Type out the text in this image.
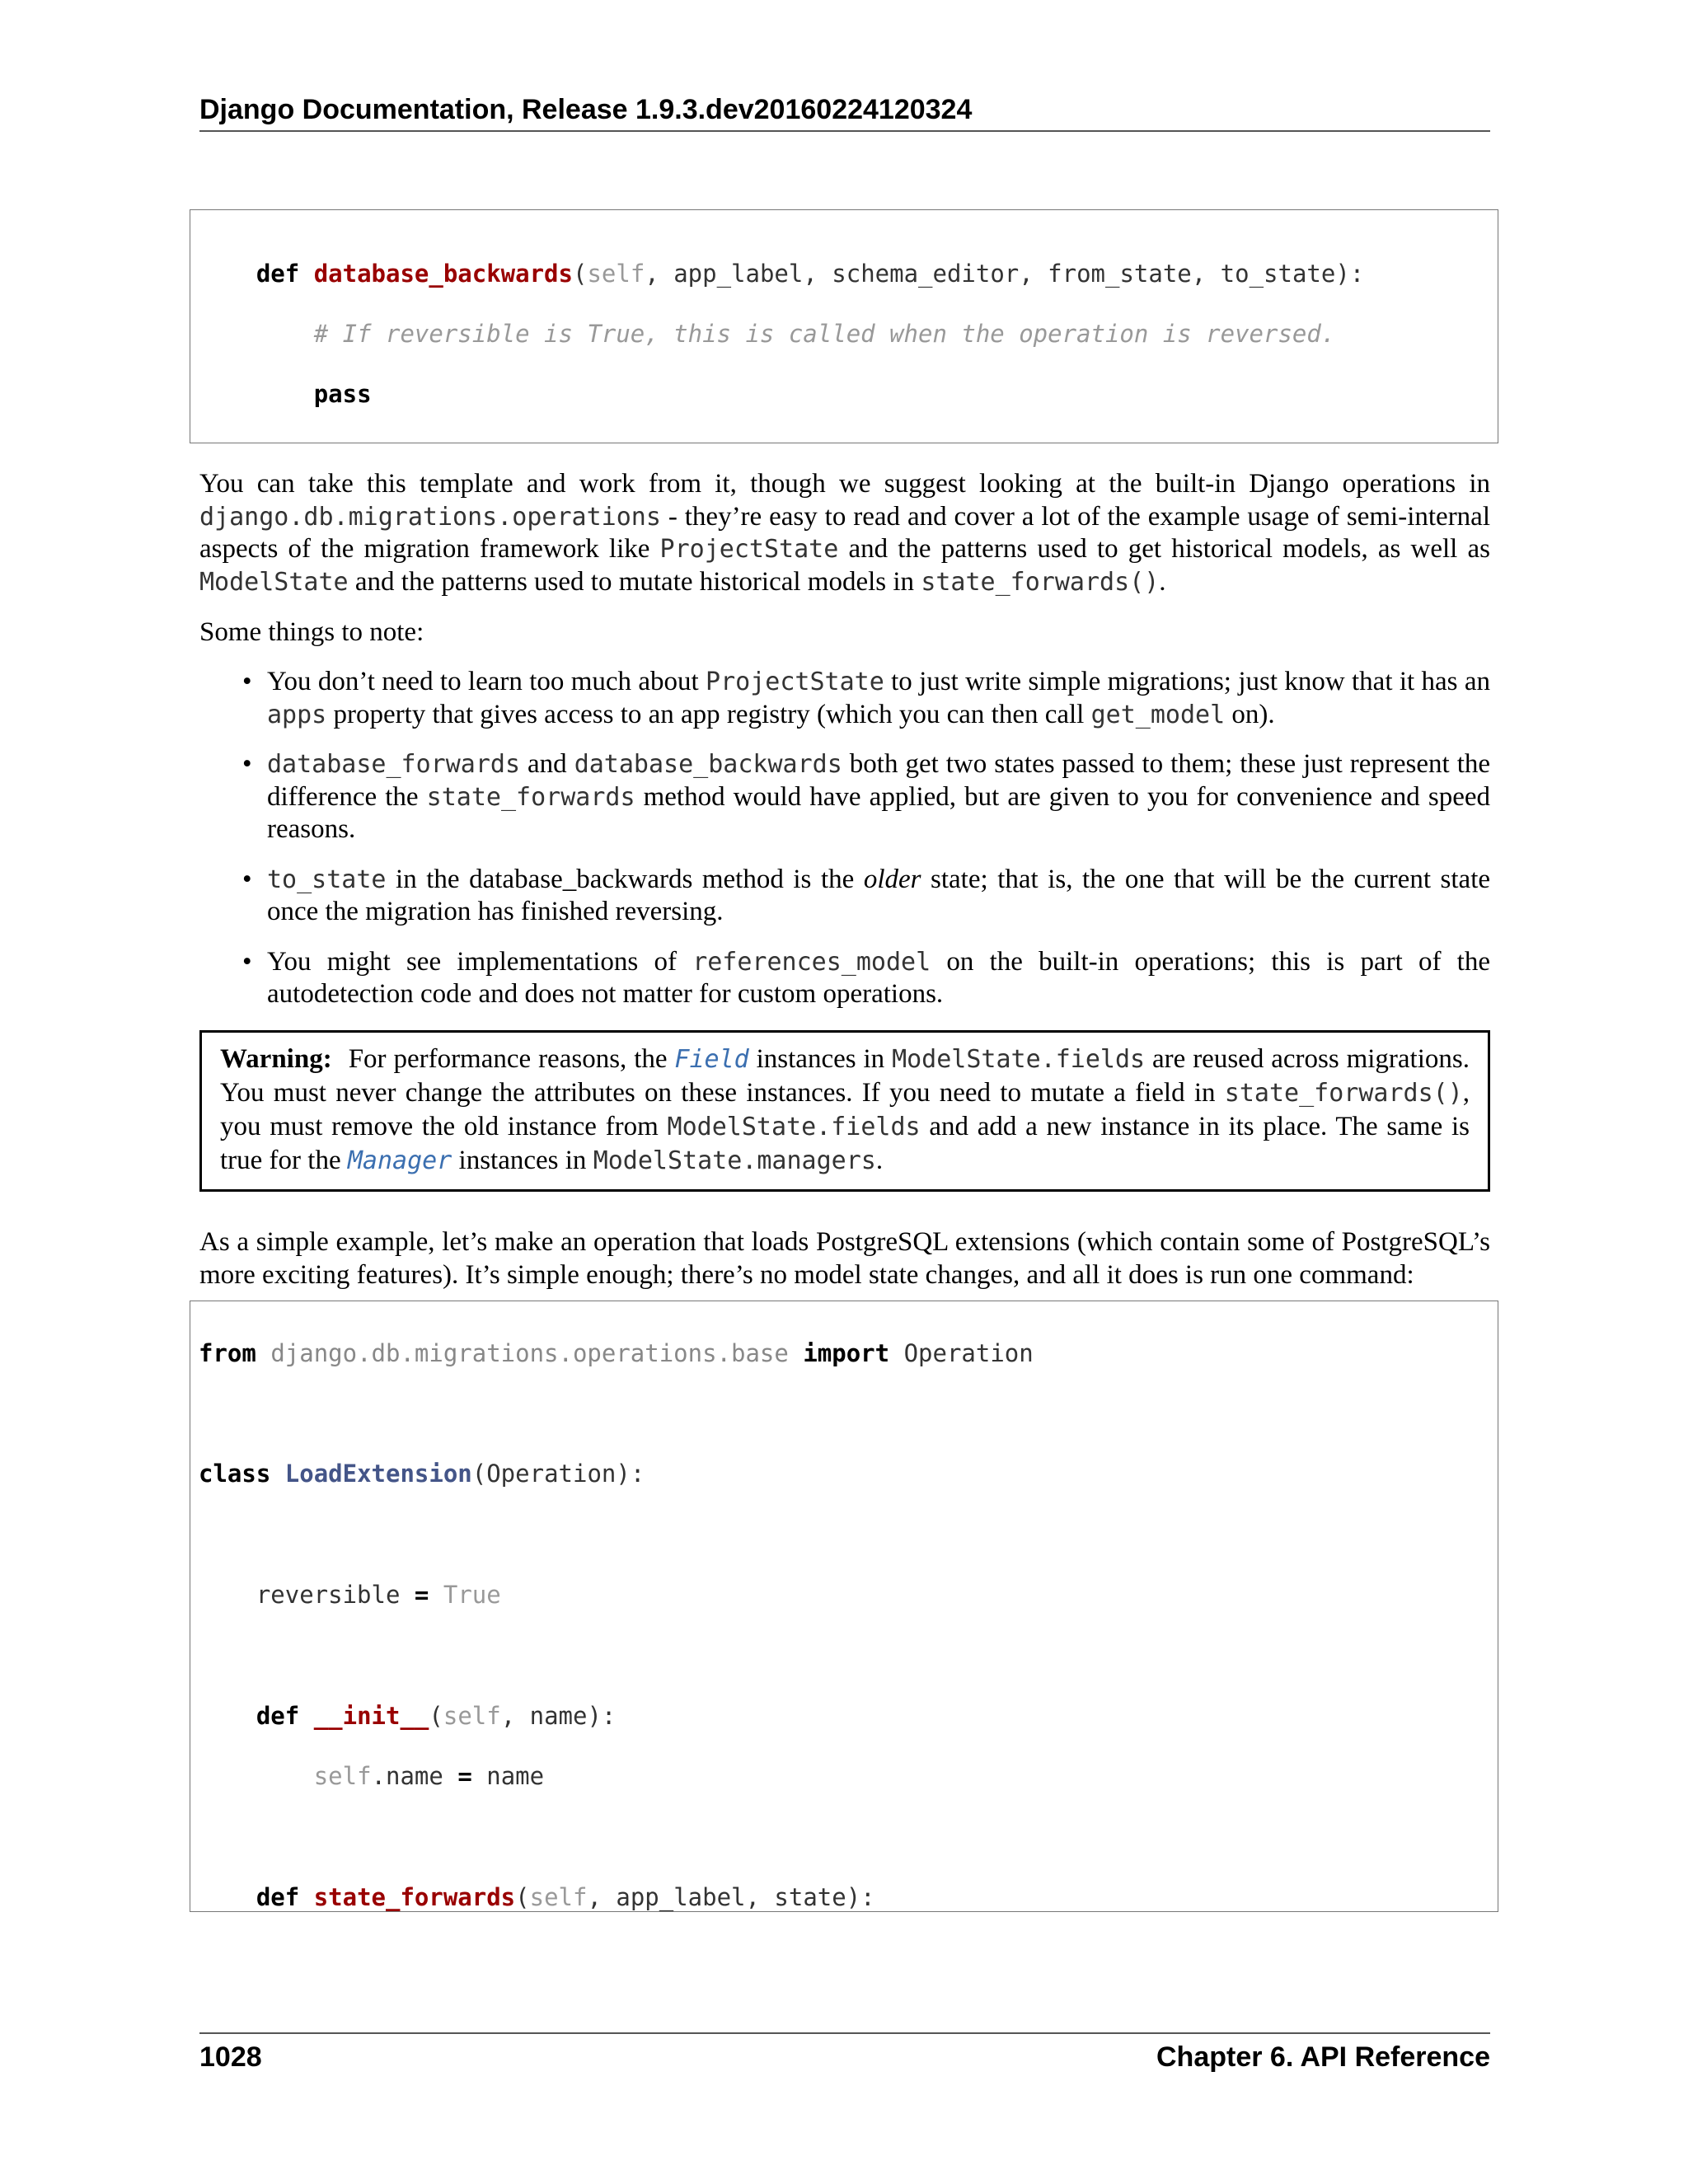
Django Documentation, Release 1.9.3.dev20160224120324

def database_backwards(self, app_label, schema_editor, from_state, to_state):

# If reversible is True, this is called when the operation is reversed.

pass

You can take this template and work from it, though we suggest looking at the built-in Django operations in django.db.migrations.operations - they’re easy to read and cover a lot of the example usage of semi-internal aspects of the migration framework like ProjectState and the patterns used to get historical models, as well as ModelState and the patterns used to mutate historical models in state_forwards().
Some things to note:
• You don’t need to learn too much about ProjectState to just write simple migrations; just know that it has an apps property that gives access to an app registry (which you can then call get_model on).
• database_forwards and database_backwards both get two states passed to them; these just represent the difference the state_forwards method would have applied, but are given to you for convenience and speed reasons.
• to_state in the database_backwards method is the older state; that is, the one that will be the current state once the migration has finished reversing.
• You might see implementations of references_model on the built-in operations; this is part of the autodetection code and does not matter for custom operations.
Warning: For performance reasons, the Field instances in ModelState.fields are reused across migrations. You must never change the attributes on these instances. If you need to mutate a field in state_forwards(), you must remove the old instance from ModelState.fields and add a new instance in its place. The same is true for the Manager instances in ModelState.managers.
As a simple example, let’s make an operation that loads PostgreSQL extensions (which contain some of PostgreSQL’s more exciting features). It’s simple enough; there’s no model state changes, and all it does is run one command:

from django.db.migrations.operations.base import Operation

class LoadExtension(Operation):

reversible = True

def __init__(self, name):

self.name = name

def state_forwards(self, app_label, state):

1028	Chapter 6. API Reference
